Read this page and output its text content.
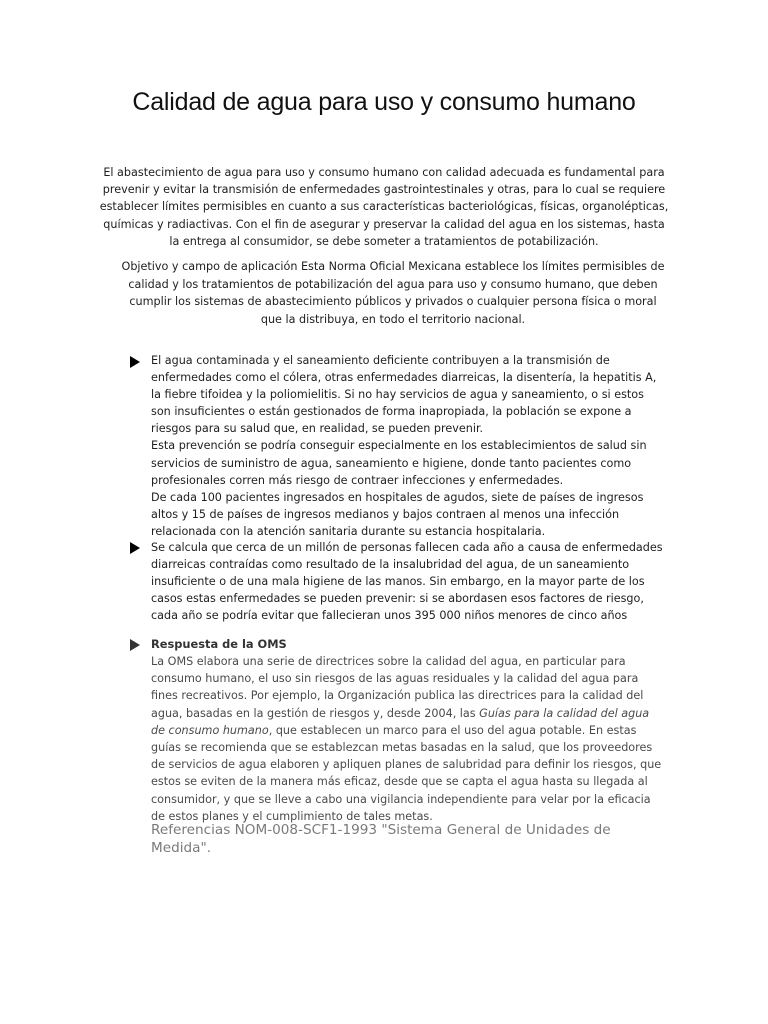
Calidad de agua para uso y consumo humano

El abastecimiento de agua para uso y consumo humano con calidad adecuada es fundamental para prevenir y evitar la transmisión de enfermedades gastrointestinales y otras, para lo cual se requiere establecer límites permisibles en cuanto a sus características bacteriológicas, físicas, organolépticas, químicas y radiactivas. Con el fin de asegurar y preservar la calidad del agua en los sistemas, hasta la entrega al consumidor, se debe someter a tratamientos de potabilización.

Objetivo y campo de aplicación Esta Norma Oficial Mexicana establece los límites permisibles de calidad y los tratamientos de potabilización del agua para uso y consumo humano, que deben cumplir los sistemas de abastecimiento públicos y privados o cualquier persona física o moral que la distribuya, en todo el territorio nacional.

El agua contaminada y el saneamiento deficiente contribuyen a la transmisión de enfermedades como el cólera, otras enfermedades diarreicas, la disentería, la hepatitis A, la fiebre tifoidea y la poliomielitis. Si no hay servicios de agua y saneamiento, o si estos son insuficientes o están gestionados de forma inapropiada, la población se expone a riesgos para su salud que, en realidad, se pueden prevenir.

Esta prevención se podría conseguir especialmente en los establecimientos de salud sin servicios de suministro de agua, saneamiento e higiene, donde tanto pacientes como profesionales corren más riesgo de contraer infecciones y enfermedades.

De cada 100 pacientes ingresados en hospitales de agudos, siete de países de ingresos altos y 15 de países de ingresos medianos y bajos contraen al menos una infección relacionada con la atención sanitaria durante su estancia hospitalaria.

Se calcula que cerca de un millón de personas fallecen cada año a causa de enfermedades diarreicas contraídas como resultado de la insalubridad del agua, de un saneamiento insuficiente o de una mala higiene de las manos. Sin embargo, en la mayor parte de los casos estas enfermedades se pueden prevenir: si se abordasen esos factores de riesgo, cada año se podría evitar que fallecieran unos 395 000 niños menores de cinco años

Respuesta de la OMS

La OMS elabora una serie de directrices sobre la calidad del agua, en particular para consumo humano, el uso sin riesgos de las aguas residuales y la calidad del agua para fines recreativos. Por ejemplo, la Organización publica las directrices para la calidad del agua, basadas en la gestión de riesgos y, desde 2004, las Guías para la calidad del agua de consumo humano, que establecen un marco para el uso del agua potable. En estas guías se recomienda que se establezcan metas basadas en la salud, que los proveedores de servicios de agua elaboren y apliquen planes de salubridad para definir los riesgos, que estos se eviten de la manera más eficaz, desde que se capta el agua hasta su llegada al consumidor, y que se lleve a cabo una vigilancia independiente para velar por la eficacia de estos planes y el cumplimiento de tales metas.

Referencias NOM-008-SCF1-1993 "Sistema General de Unidades de Medida".
